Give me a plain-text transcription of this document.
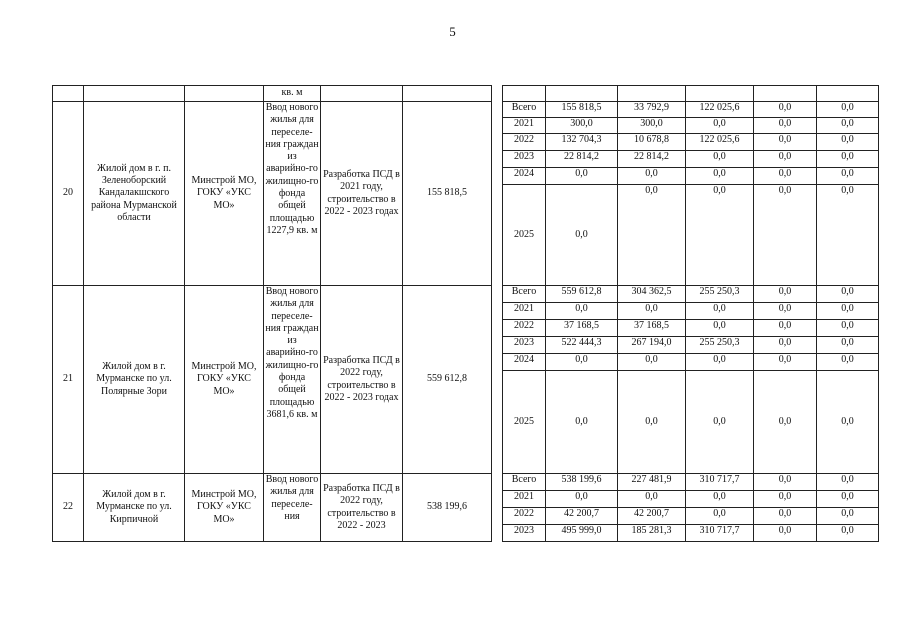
5
			кв. м									
20	Жилой дом в г. п. Зеленоборский Кандалакшского района Мурманской области	Минстрой МО, ГОКУ «УКС МО»	Ввод нового жилья для переселе-ния граждан из аварийно-го жилищно-го фонда общей площадью 1227,9 кв. м	Разработка ПСД в 2021 году, строительство в 2022 - 2023 годах	155 818,5		Всего	155 818,5	33 792,9	122 025,6	0,0	0,0
							2021	300,0	300,0	0,0	0,0	0,0
							2022	132 704,3	10 678,8	122 025,6	0,0	0,0
							2023	22 814,2	22 814,2	0,0	0,0	0,0
							2024	0,0	0,0	0,0	0,0	0,0
							2025	0,0	0,0	0,0	0,0	0,0
21	Жилой дом в г. Мурманске по ул. Полярные Зори	Минстрой МО, ГОКУ «УКС МО»	Ввод нового жилья для переселе-ния граждан из аварийно-го жилищно-го фонда общей площадью 3681,6 кв. м	Разработка ПСД в 2022 году, строительство в 2022 - 2023 годах	559 612,8		Всего	559 612,8	304 362,5	255 250,3	0,0	0,0
							2021	0,0	0,0	0,0	0,0	0,0
							2022	37 168,5	37 168,5	0,0	0,0	0,0
							2023	522 444,3	267 194,0	255 250,3	0,0	0,0
							2024	0,0	0,0	0,0	0,0	0,0
							2025	0,0	0,0	0,0	0,0	0,0
22	Жилой дом в г. Мурманске по ул. Кирпичной	Минстрой МО, ГОКУ «УКС МО»	Ввод нового жилья для переселе-ния	Разработка ПСД в 2022 году, строительство в 2022 - 2023	538 199,6		Всего	538 199,6	227 481,9	310 717,7	0,0	0,0
							2021	0,0	0,0	0,0	0,0	0,0
							2022	42 200,7	42 200,7	0,0	0,0	0,0
							2023	495 999,0	185 281,3	310 717,7	0,0	0,0
